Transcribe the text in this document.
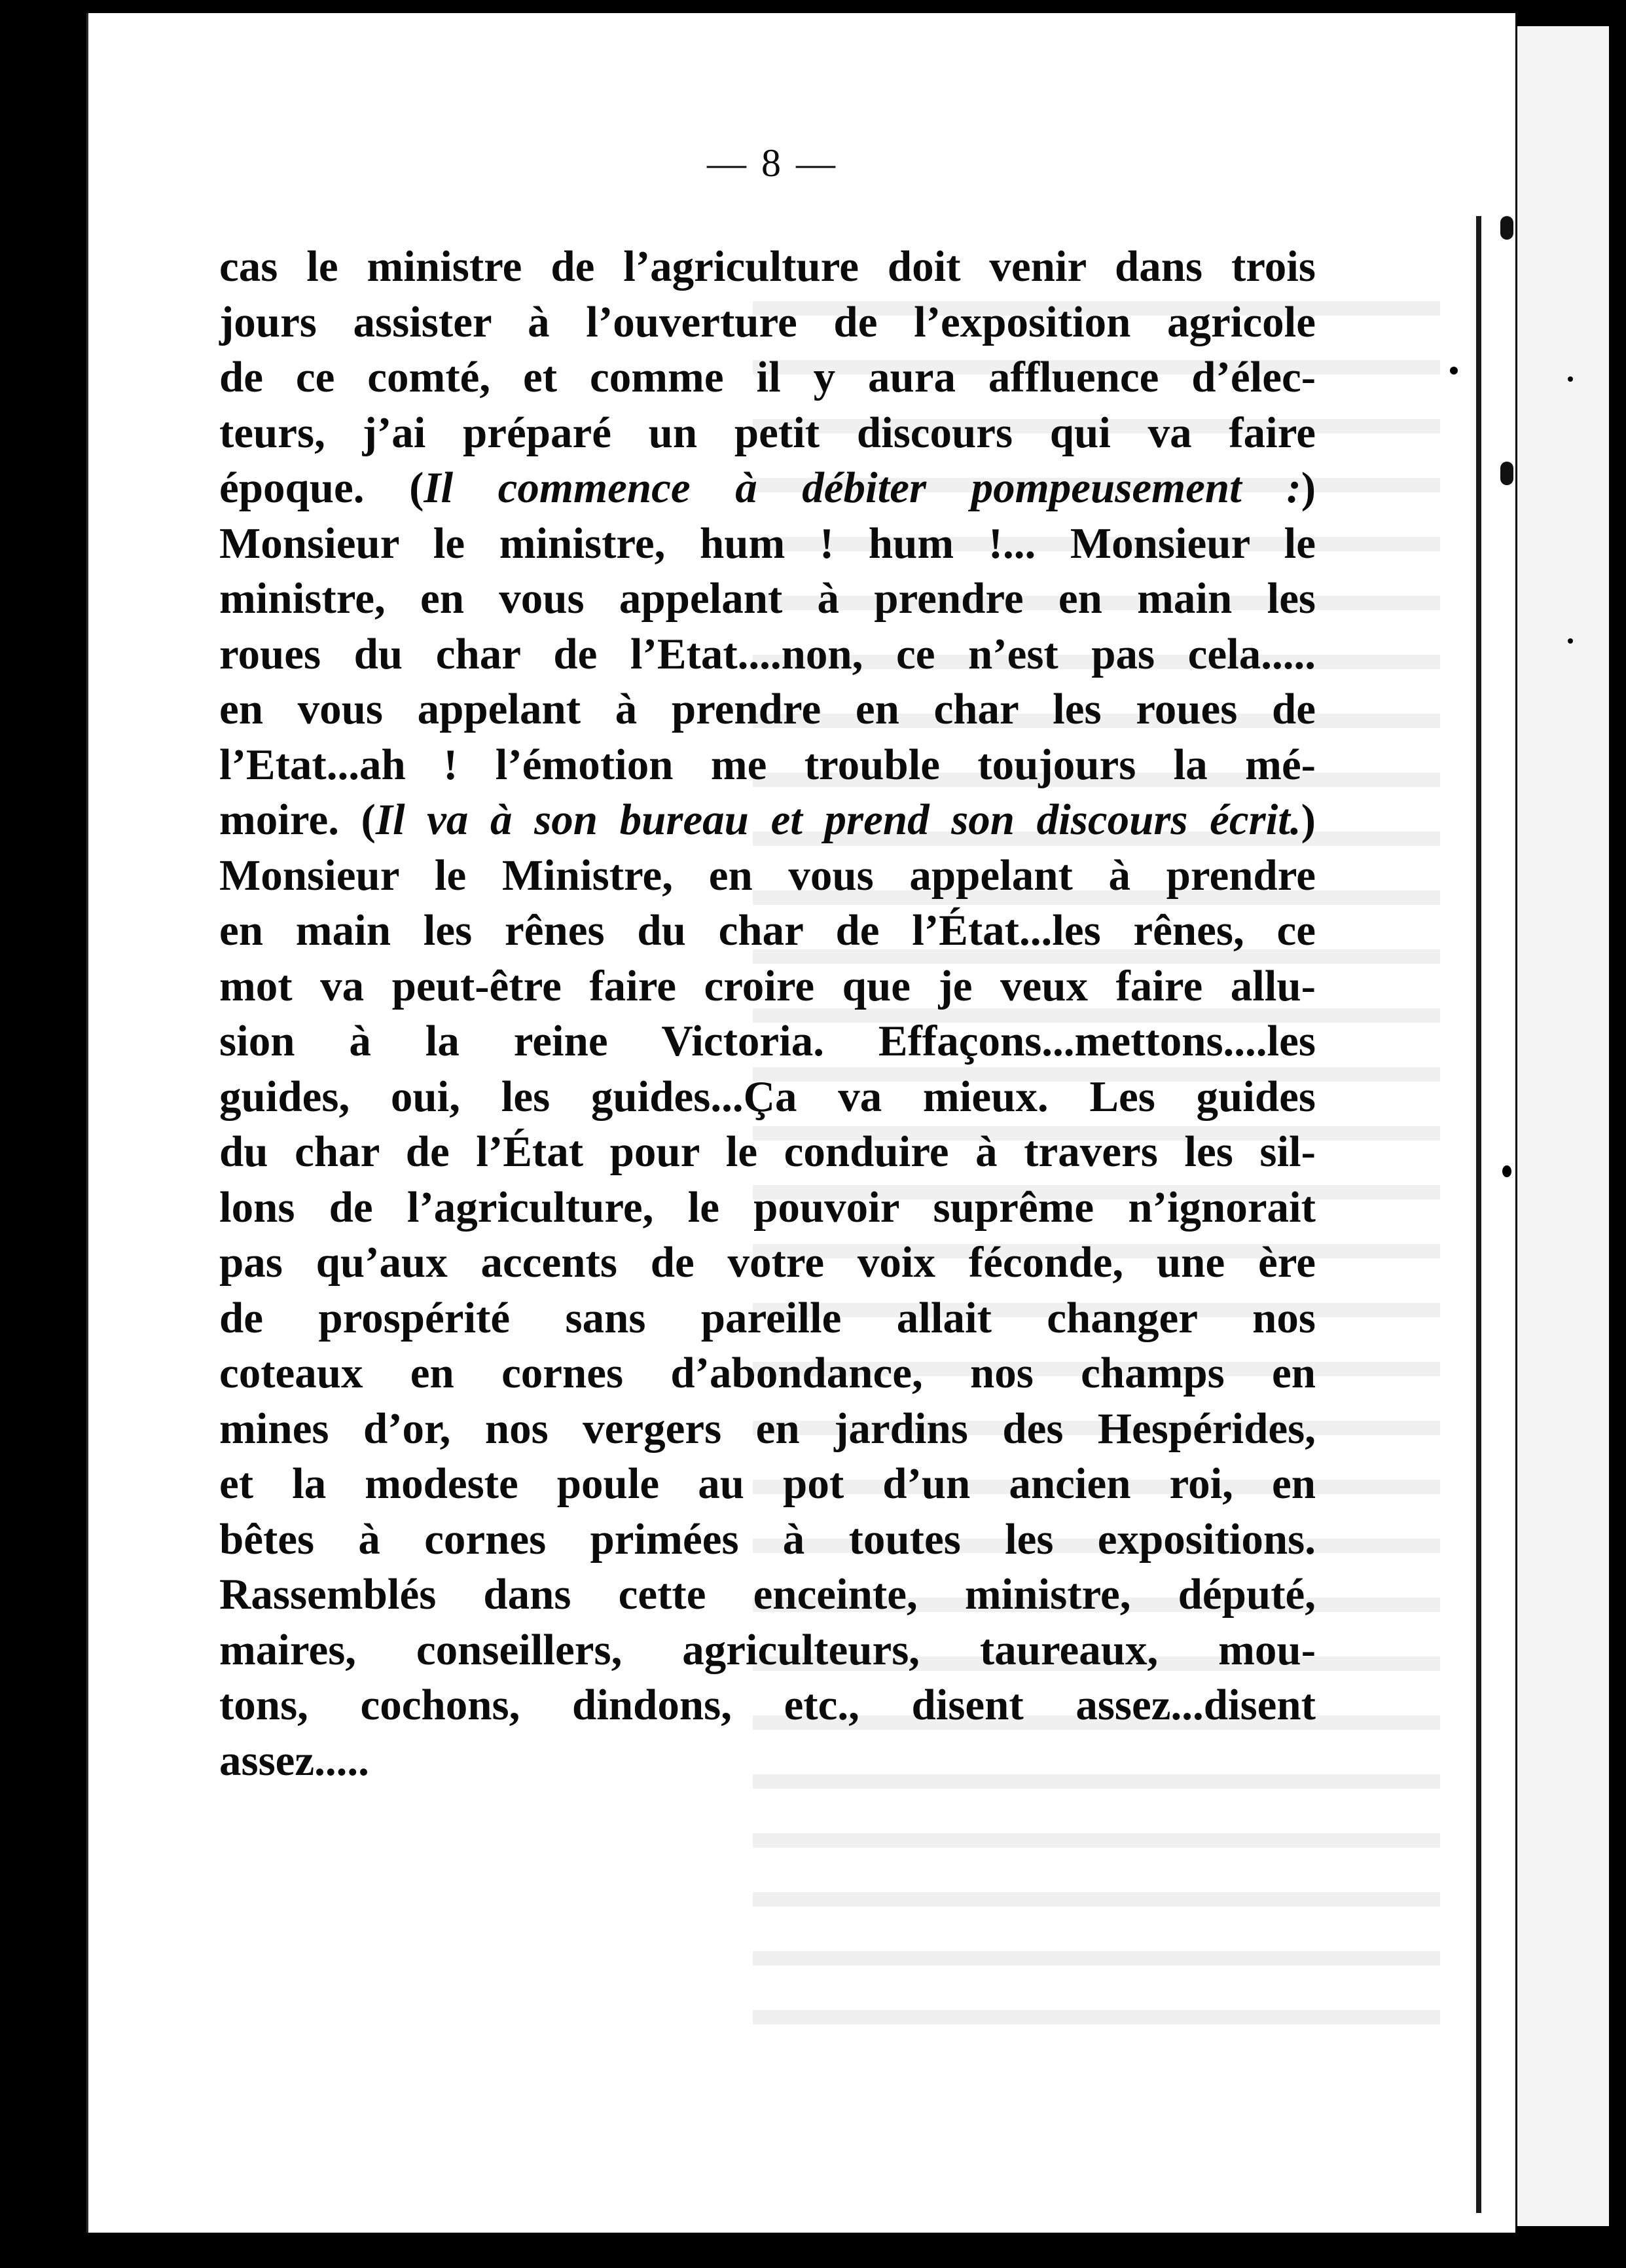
— 8 —
cas le ministre de l’agriculture doit venir dans trois
jours assister à l’ouverture de l’exposition agricole
de ce comté, et comme il y aura affluence d’élec-
teurs, j’ai préparé un petit discours qui va faire
époque. (Il commence à débiter pompeusement :)
Monsieur le ministre, hum ! hum !... Monsieur le
ministre, en vous appelant à prendre en main les
roues du char de l’Etat....non, ce n’est pas cela.....
en vous appelant à prendre en char les roues de
l’Etat...ah ! l’émotion me trouble toujours la mé-
moire. (Il va à son bureau et prend son discours écrit.)
Monsieur le Ministre, en vous appelant à prendre
en main les rênes du char de l’État...les rênes, ce
mot va peut-être faire croire que je veux faire allu-
sion à la reine Victoria. Effaçons...mettons....les
guides, oui, les guides...Ça va mieux. Les guides
du char de l’État pour le conduire à travers les sil-
lons de l’agriculture, le pouvoir suprême n’ignorait
pas qu’aux accents de votre voix féconde, une ère
de prospérité sans pareille allait changer nos
coteaux en cornes d’abondance, nos champs en
mines d’or, nos vergers en jardins des Hespérides,
et la modeste poule au pot d’un ancien roi, en
bêtes à cornes primées à toutes les expositions.
Rassemblés dans cette enceinte, ministre, député,
maires, conseillers, agriculteurs, taureaux, mou-
tons, cochons, dindons, etc., disent assez...disent
assez.....
